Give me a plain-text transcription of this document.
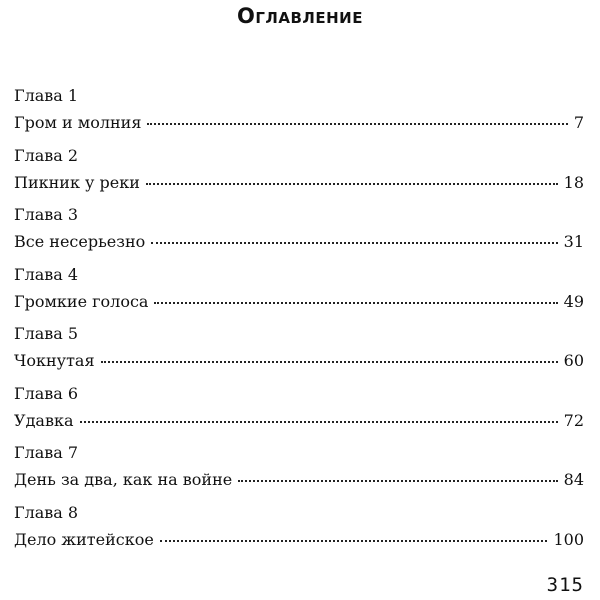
Оглавление
Глава 1
Гром и молния	7
Глава 2
Пикник у реки	18
Глава 3
Все несерьезно	31
Глава 4
Громкие голоса	49
Глава 5
Чокнутая	60
Глава 6
Удавка	72
Глава 7
День за два, как на войне	84
Глава 8
Дело житейское	100
315
